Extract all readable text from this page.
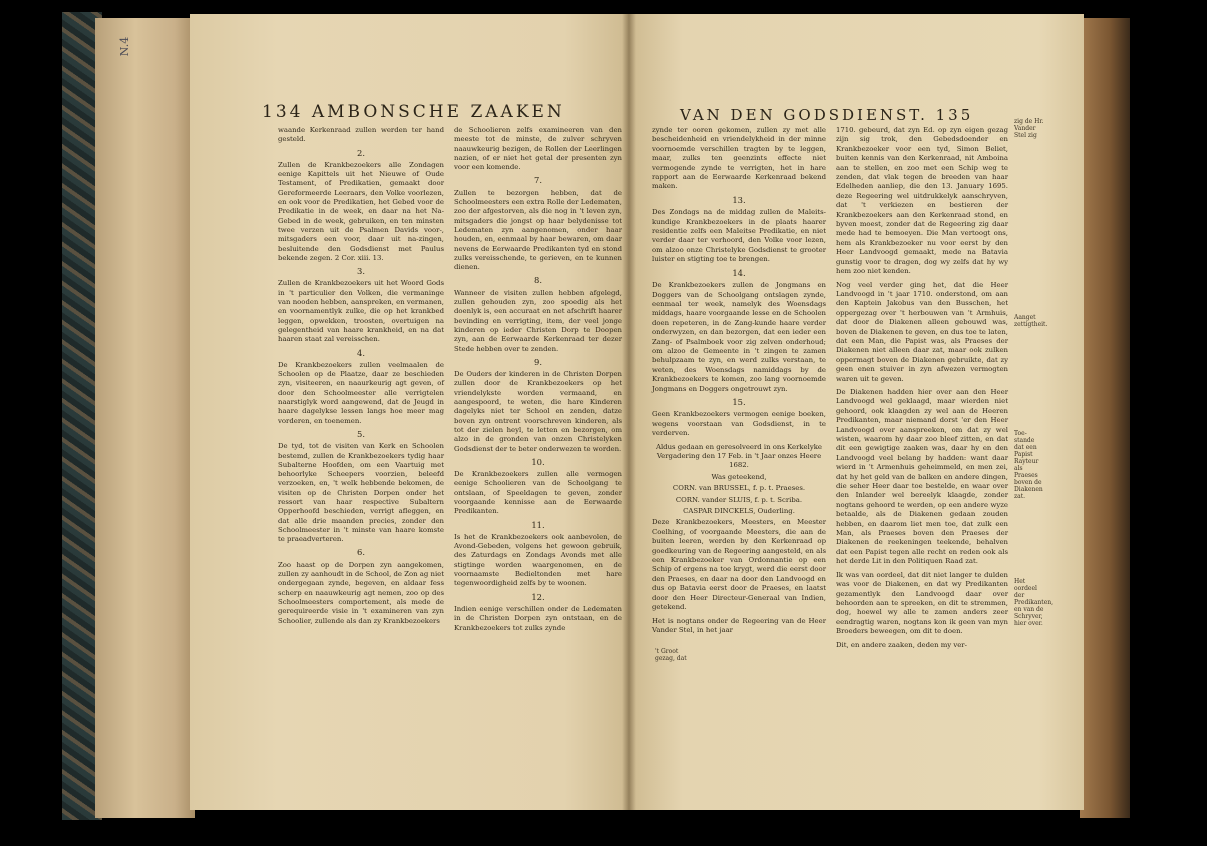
N.4
134 AMBONSCHE ZAAKEN	VAN DEN GODSDIENST. 135

waande Kerkenraad zullen werden ter hand gesteld.

2.

Zullen de Krankbezoekers alle Zondagen eenige Kapittels uit het Nieuwe of Oude Testament, of Predikatien, gemaakt door Gereformeerde Leeraars, den Volke voorlezen, en ook voor de Predikatien, het Gebed voor de Predikatie in de week, en daar na het Na-Gebed in de week, gebruiken, en ten minsten twee verzen uit de Psalmen Davids voor-, mitsgaders een voor, daar uit na-zingen, besluitende den Godsdienst met Paulus bekende zegen. 2 Cor. xiii. 13.

3.

Zullen de Krankbezoekers uit het Woord Gods in 't particulier den Volken, die vermaninge van nooden hebben, aanspreken, en vermanen, en voornamentlyk zulke, die op het krankbed leggen, opwekken, troosten, overtuigen na gelegentheid van haare krankheid, en na dat haaren staat zal vereisschen.

4.

De Krankbezoekers zullen veelmaalen de Schoolen op de Plaatze, daar ze beschieden zyn, visiteeren, en naaurkeurig agt geven, of door den Schoolmeester alle verrigtelen naarstiglyk word aangewend, dat de Jeugd in haare dagelykse lessen langs hoe meer mag vorderen, en toenemen.

5.

De tyd, tot de visiten van Kerk en Schoolen bestemd, zullen de Krankbezoekers tydig haar Subalterne Hoofden, om een Vaartuig met behoorlyke Scheepers voorzien, beleefd verzoeken, en, 't welk hebbende bekomen, de visiten op de Christen Dorpen onder het ressort van haar respective Subaltern Opperhoofd beschieden, verrigt afleggen, en dat alle drie maanden precies, zonder den Schoolmeester in 't minste van haare komste te praeadverteren.

6.

Zoo haast op de Dorpen zyn aangekomen, zullen zy aanhoudt in de School, de Zon ag niet ondergegaan zynde, begeven, en aldaar fess scherp en naauwkeurig agt nemen, zoo op des Schoolmeesters comportement, als mede de gerequireerde visie in 't examineren van zyn Schoolier, zullende als dan zy Krankbezoekers

de Schoolieren zelfs examineeren van den meeste tot de minste, de zulver schryven naauwkeurig bezigen, de Rollen der Leerlingen nazien, of er niet het getal der presenten zyn voor een komende.

7.

Zullen te bezorgen hebben, dat de Schoolmeesters een extra Rolle der Ledematen, zoo der afgestorven, als die nog in 't leven zyn, mitsgaders die jongst op haar belydenisse tot Ledematen zyn aangenomen, onder haar houden, en, eenmaal by haar bewaren, om daar nevens de Eerwaarde Predikanten tyd en stond zulks vereisschende, te gerieven, en te kunnen dienen.

8.

Wanneer de visiten zullen hebben afgelegd, zullen gehouden zyn, zoo spoedig als het doenlyk is, een accuraat en net afschrift haarer bevinding en verrigting, item, der veel jonge kinderen op ieder Christen Dorp te Doopen zyn, aan de Eerwaarde Kerkenraad ter dezer Stede hebben over te zenden.

9.

De Ouders der kinderen in de Christen Dorpen zullen door de Krankbezoekers op het vriendelykste worden vermaand, en aangespoord, te weten, die hare Kinderen dagelyks niet ter School en zenden, datze boven zyn ontrent voorschreven kinderen, als tot der zielen heyl, te letten en bezorgen, om alzo in de gronden van onzen Christelyken Godsdienst der te beter onderwezen te worden.

10.

De Krankbezoekers zullen alle vermogen eenige Schoolieren van de Schoolgang te ontslaan, of Speeldagen te geven, zonder voorgaande kennisse aan de Eerwaarde Predikanten.

11.

Is het de Krankbezoekers ook aanbevolen, de Avond-Gebeden, volgens het gewoon gebruik, des Zaturdags en Zondags Avonds met alle stigtinge worden waargenomen, en de voornaamste Bedieltonden met hare tegenwoordigheid zelfs by te woonen.

12.

Indien eenige verschillen onder de Ledematen in de Christen Dorpen zyn ontstaan, en de Krankbezoekers tot zulks zynde

zynde ter ooren gekomen, zullen zy met alle bescheidenheid en vriendelykheid in der minne voornoemde verschillen tragten by te leggen, maar, zulks ten geenzints effecte niet vermogende zynde te verrigten, het in hare rapport aan de Eerwaarde Kerkenraad bekend maken.

13.

Des Zondags na de middag zullen de Maleits-kundige Krankbezoekers in de plaats haarer residentie zelfs een Maleitse Predikatie, en niet verder daar ter verhoord, den Volke voor lezen, om alzoo onze Christelyke Godsdienst te grooter luister en stigting toe te brengen.

14.

De Krankbezoekers zullen de Jongmans en Doggers van de Schoolgang ontslagen zynde, eenmaal ter week, namelyk des Woensdags middags, haare voorgaande lesse en de Schoolen doen repeteren, in de Zang-kunde haare verder onderwyzen, en dan bezorgen, dat een ieder een Zang- of Psalmboek voor zig zelven onderhoud; om alzoo de Gemeente in 't zingen te zamen behulpzaam te zyn, en werd zulks verstaan, te weten, des Woensdags namiddags by de Krankbezoekers te komen, zoo lang voornoemde Jongmans en Doggers ongetrouwt zyn.

15.

Geen Krankbezoekers vermogen eenige boeken, wegens voorstaan van Godsdienst, in te verderven.

Aldus gedaan en geresolveerd in ons Kerkelyke Vergadering den 17 Feb. in 't Jaar onzes Heere 1682.

Was geteekend,

CORN. van BRUSSEL, f. p. t. Praeses.

CORN. vander SLUIS, f. p. t. Scriba.

CASPAR DINCKELS, Ouderling.

Deze Krankbezoekers, Meesters, en Meester Coelhing, of voorgaande Meesters, die aan de buiten leeren, werden by den Kerkenraad op goedkeuring van de Regeering aangesteld, en als een Krankbezoeker van Ordonnantie op een Schip of ergens na toe krygt, werd die eerst door den Praeses, en daar na door den Landvoogd en dus op Batavia eerst door de Praeses, en laatst door den Heer Directeur-Generaal van Indien, getekend.

Het is nogtans onder de Regeering van de Heer Vander Stel, in het jaar

1710. gebeurd, dat zyn Ed. op zyn eigen gezag zijn sig trok, den Gebedsdoender en Krankbezoeker voor een tyd, Simon Beliet, buiten kennis van den Kerkenraad, nit Amboina aan te stellen, en zoo met een Schip weg te zenden, dat vlak tegen de breeden van haar Edelheden aanliep, die den 13. January 1695. deze Regeering wel uitdrukkelyk aanschryven, dat 't verkiezen en bestieren der Krankbezoekers aan den Kerkenraad stond, en byven moest, zonder dat de Regeering zig daar mede had te bemoeyen. Die Man vertoogt ons, hem als Krankbezoeker nu voor eerst by den Heer Landvoogd gemaakt, mede na Batavia gunstig voor te dragen, dog wy zelfs dat hy wy hem zoo niet kenden.

Nog veel verder ging het, dat die Heer Landvoogd in 't jaar 1710. onderstond, om aan den Kaptein Jakobus van den Busschen, het oppergezag over 't herbouwen van 't Armhuis, dat door de Diakenen alleen gebouwd was, boven de Diakenen te geven, en dus toe te laten, dat een Man, die Papist was, als Praeses der Diakenen niet alleen daar zat, maar ook zulken oppermagt boven de Diakenen gebruikte, dat zy geen enen stuiver in zyn afwezen vermogten waren uit te geven.

De Diakenen hadden hier over aan den Heer Landvoogd wel geklaagd, maar wierden niet gehoord, ook klaagden zy wel aan de Heeren Predikanten, maar niemand dorst 'er den Heer Landvoogd over aanspreeken, om dat zy wel wisten, waarom hy daar zoo bleef zitten, en dat dit een gewigtige zaaken was, daar hy en den Landvoogd veel belang by hadden: want daar wierd in 't Armenhuis geheimmeld, en men zei, dat hy het geld van de balken en andere dingen, die seher Heer daar toe bestelde, en waar over den Inlander wel bereelyk klaagde, zonder nogtans gehoord te werden, op een andere wyze betaalde, als de Diakenen gedaan zouden hebben, en daarom liet men toe, dat zulk een Man, als Praeses boven den Praeses der Diakenen de reekeningen teekende, behalven dat een Papist tegen alle recht en reden ook als het derde Lit in den Politiquen Raad zat.

Ik was van oordeel, dat dit niet langer te dulden was voor de Diakenen, en dat wy Predikanten gezamentlyk den Landvoogd daar over behoorden aan te spreeken, en dit te stremmen, dog, hoewel wy alle te zamen anders zeer eendragtig waren, nogtans kon ik geen van myn Broeders beweegen, om dit te doen.

Dit, en andere zaaken, deden my ver-

't Groot gezag, dat
zig de Hr. Vander Stel zig
Aanget zettigtheit.
Toe-stande dat een Papist Rayteur als Praeses boven de Diakenen zat.
Het oordeel der Predikanten, en van de Schryver, hier over.
